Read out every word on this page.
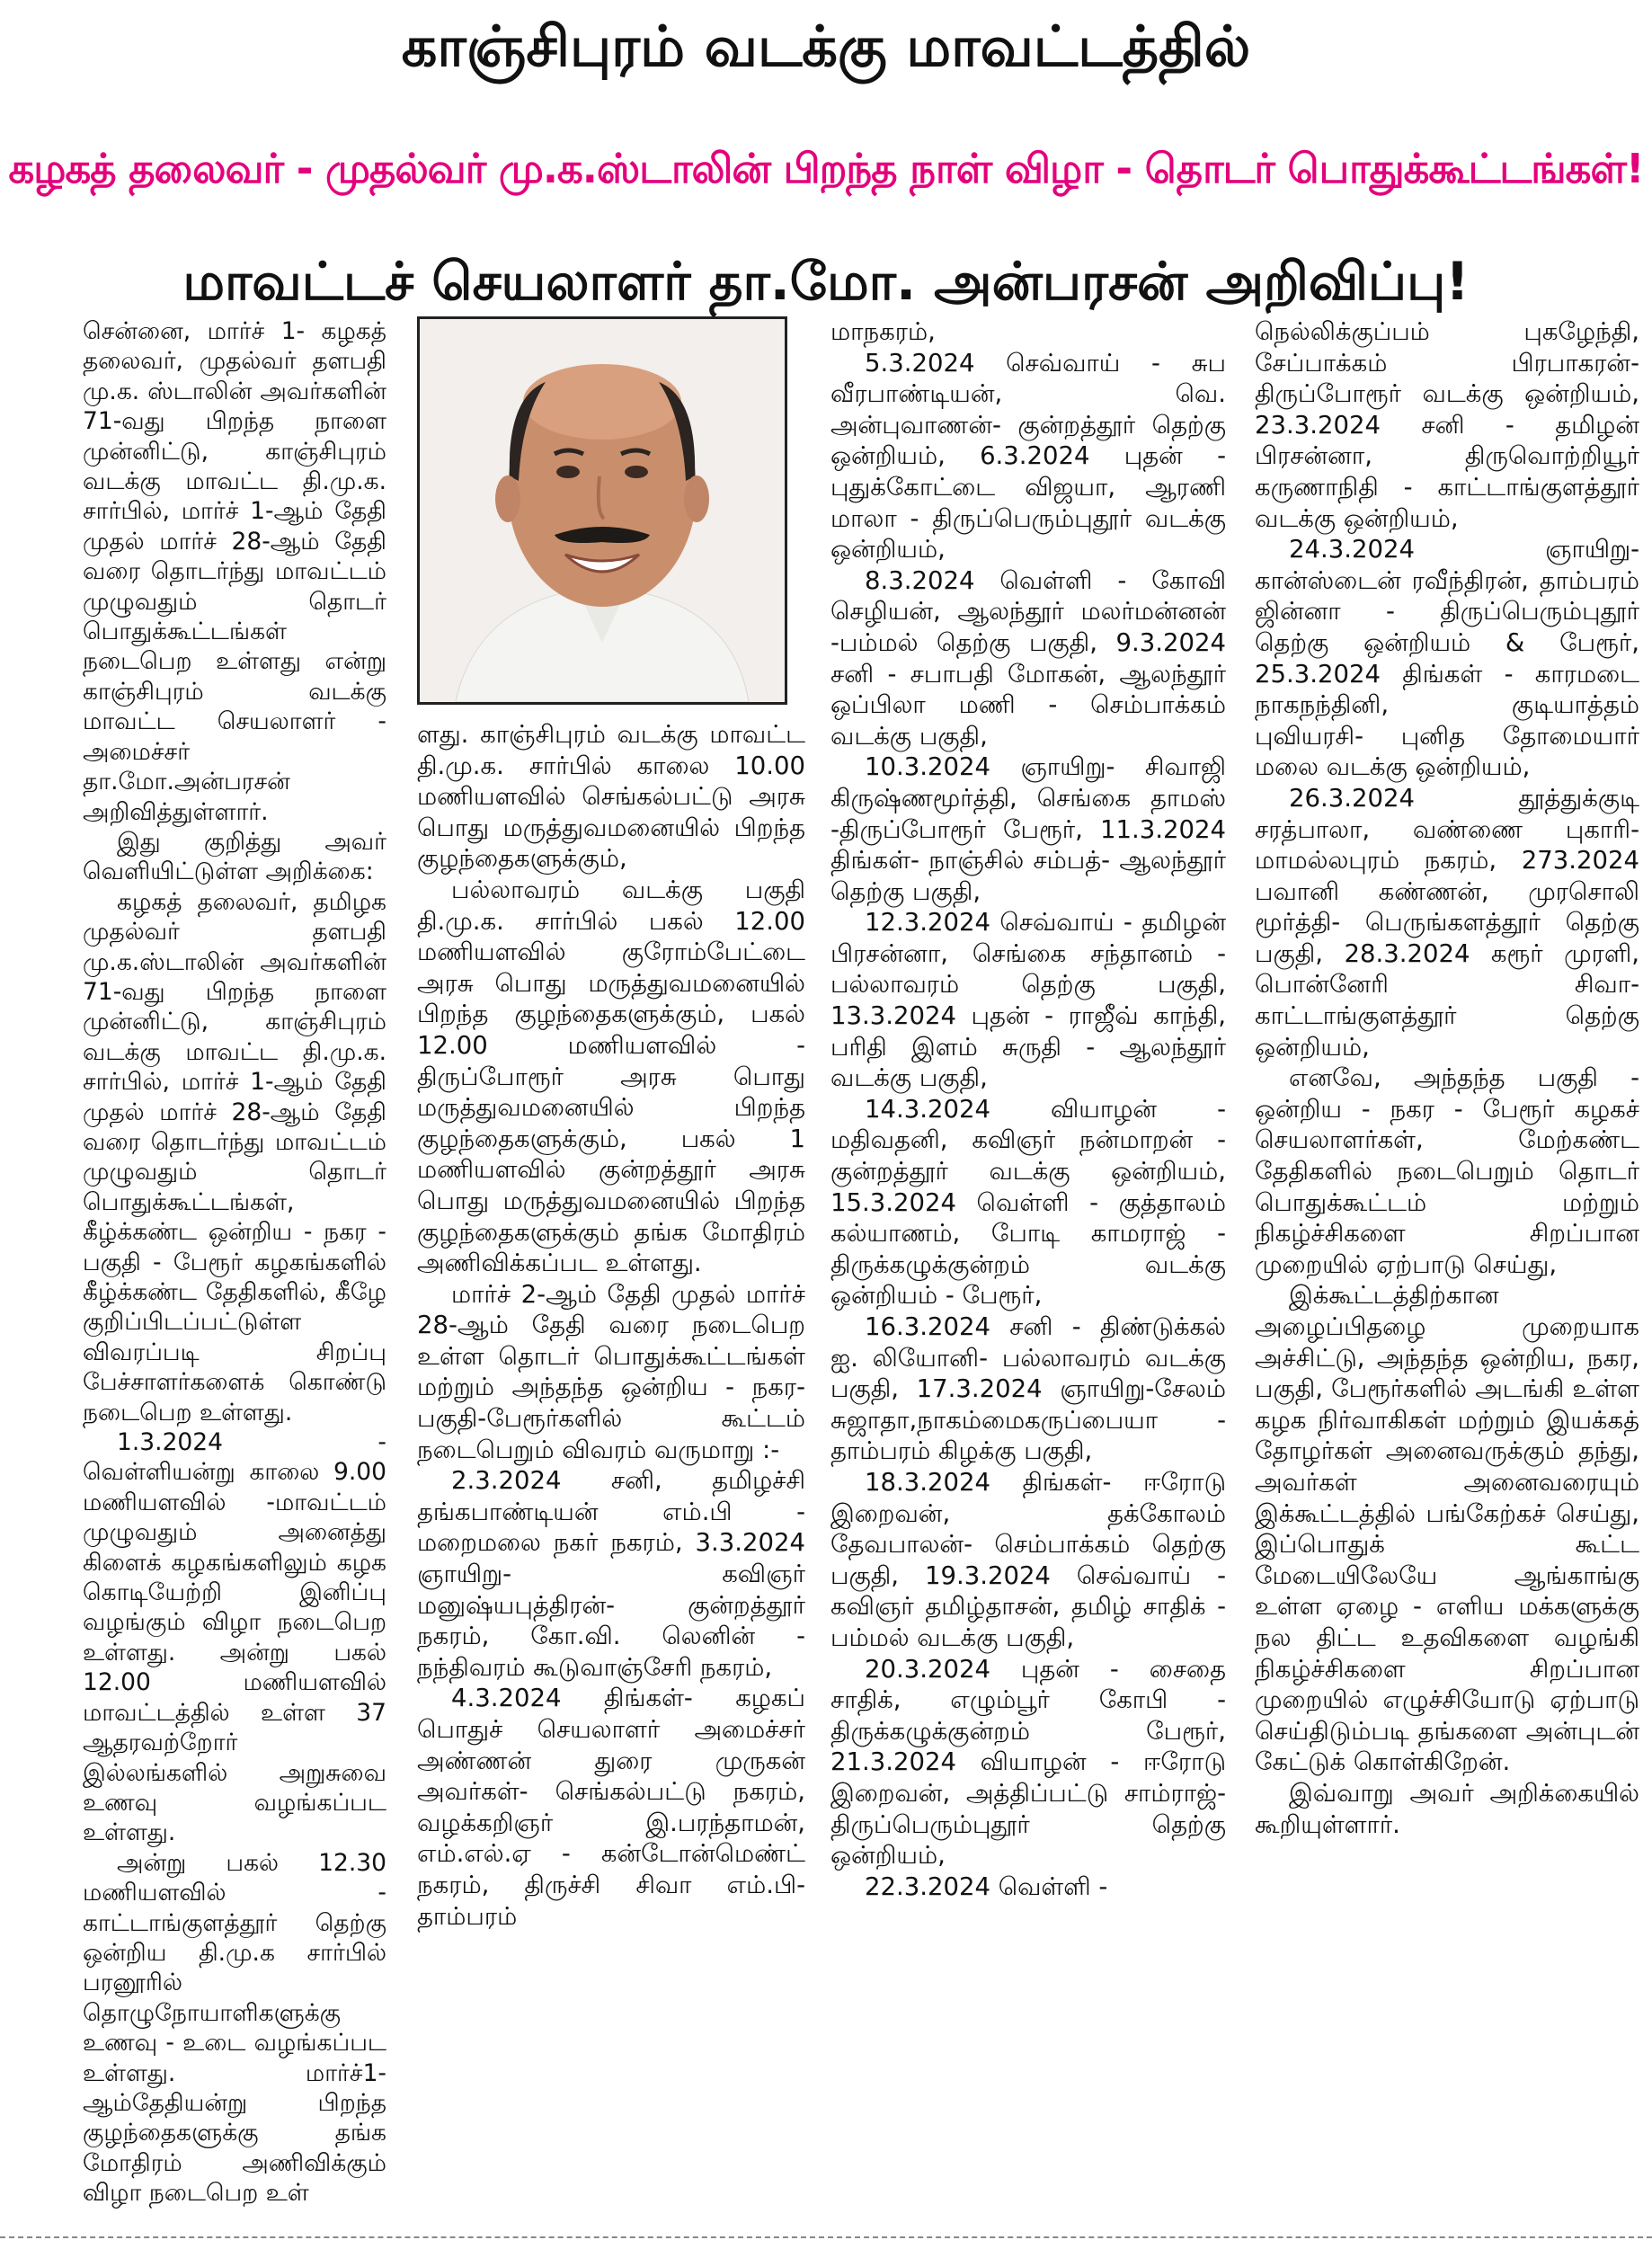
காஞ்சிபுரம் வடக்கு மாவட்டத்தில்
கழகத் தலைவர் - முதல்வர் மு.க.ஸ்டாலின் பிறந்த நாள் விழா - தொடர் பொதுக்கூட்டங்கள்!
மாவட்டச் செயலாளர் தா.மோ. அன்பரசன் அறிவிப்பு!

சென்னை, மார்ச் 1- கழகத் தலைவர், முதல்வர் தளபதி மு.க. ஸ்டாலின் அவர்களின் 71-வது பிறந்த நாளை முன்னிட்டு, காஞ்சிபுரம் வடக்கு மாவட்ட தி.மு.க. சார்பில், மார்ச் 1-ஆம் தேதி முதல் மார்ச் 28-ஆம் தேதி வரை தொடர்ந்து மாவட்டம் முழுவதும் தொடர் பொதுக்கூட்டங்கள் நடைபெற உள்ளது என்று காஞ்சிபுரம் வடக்கு மாவட்ட செயலாளர் - அமைச்சர் தா.மோ.அன்பரசன் அறிவித்துள்ளார்.

இது குறித்து அவர் வெளியிட்டுள்ள அறிக்கை:

கழகத் தலைவர், தமிழக முதல்வர் தளபதி மு.க.ஸ்டாலின் அவர்களின் 71-வது பிறந்த நாளை முன்னிட்டு, காஞ்சிபுரம் வடக்கு மாவட்ட தி.மு.க. சார்பில், மார்ச் 1-ஆம் தேதி முதல் மார்ச் 28-ஆம் தேதி வரை தொடர்ந்து மாவட்டம் முழுவதும் தொடர் பொதுக்கூட்டங்கள், கீழ்க்கண்ட ஒன்றிய - நகர - பகுதி - பேரூர் கழகங்களில் கீழ்க்கண்ட தேதிகளில், கீழே குறிப்பிடப்பட்டுள்ள விவரப்படி சிறப்பு பேச்சாளர்களைக் கொண்டு நடைபெற உள்ளது.

1.3.2024 - வெள்ளியன்று காலை 9.00 மணியளவில் -மாவட்டம் முழுவதும் அனைத்து கிளைக் கழகங்களிலும் கழக கொடியேற்றி இனிப்பு வழங்கும் விழா நடைபெற உள்ளது. அன்று பகல் 12.00 மணியளவில் மாவட்டத்தில் உள்ள 37 ஆதரவற்றோர் இல்லங்களில் அறுசுவை உணவு வழங்கப்பட உள்ளது.

அன்று பகல் 12.30 மணியளவில் - காட்டாங்குளத்தூர் தெற்கு ஒன்றிய தி.மு.க சார்பில் பரனூரில் தொழுநோயாளிகளுக்கு உணவு - உடை வழங்கப்பட உள்ளது. மார்ச்1-ஆம்தேதியன்று பிறந்த குழந்தைகளுக்கு தங்க மோதிரம் அணிவிக்கும் விழா நடைபெற உள்

ளது. காஞ்சிபுரம் வடக்கு மாவட்ட தி.மு.க. சார்பில் காலை 10.00 மணியளவில் செங்கல்பட்டு அரசு பொது மருத்துவமனையில் பிறந்த குழந்தைகளுக்கும்,

பல்லாவரம் வடக்கு பகுதி தி.மு.க. சார்பில் பகல் 12.00 மணியளவில் குரோம்பேட்டை அரசு பொது மருத்துவமனையில் பிறந்த குழந்தைகளுக்கும், பகல் 12.00 மணியளவில் - திருப்போரூர் அரசு பொது மருத்துவமனையில் பிறந்த குழந்தைகளுக்கும், பகல் 1 மணியளவில் குன்றத்தூர் அரசு பொது மருத்துவமனையில் பிறந்த குழந்தைகளுக்கும் தங்க மோதிரம் அணிவிக்கப்பட உள்ளது.

மார்ச் 2-ஆம் தேதி முதல் மார்ச் 28-ஆம் தேதி வரை நடைபெற உள்ள தொடர் பொதுக்கூட்டங்கள் மற்றும் அந்தந்த ஒன்றிய - நகர-பகுதி-பேரூர்களில் கூட்டம் நடைபெறும் விவரம் வருமாறு :-

2.3.2024 சனி, தமிழச்சி தங்கபாண்டியன் எம்.பி - மறைமலை நகர் நகரம், 3.3.2024 ஞாயிறு- கவிஞர் மனுஷ்யபுத்திரன்- குன்றத்தூர் நகரம், கோ.வி. லெனின் - நந்திவரம் கூடுவாஞ்சேரி நகரம்,

4.3.2024 திங்கள்- கழகப் பொதுச் செயலாளர் அமைச்சர் அண்ணன் துரை முருகன் அவர்கள்- செங்கல்பட்டு நகரம், வழக்கறிஞர் இ.பரந்தாமன், எம்.எல்.ஏ - கன்டோன்மெண்ட் நகரம், திருச்சி சிவா எம்.பி- தாம்பரம்

மாநகரம்,

5.3.2024 செவ்வாய் - சுப வீரபாண்டியன், வெ. அன்புவாணன்- குன்றத்தூர் தெற்கு ஒன்றியம், 6.3.2024 புதன் - புதுக்கோட்டை விஜயா, ஆரணி மாலா - திருப்பெரும்புதூர் வடக்கு ஒன்றியம்,

8.3.2024 வெள்ளி - கோவி செழியன், ஆலந்தூர் மலர்மன்னன் -பம்மல் தெற்கு பகுதி, 9.3.2024 சனி - சபாபதி மோகன், ஆலந்தூர் ஒப்பிலா மணி - செம்பாக்கம் வடக்கு பகுதி,

10.3.2024 ஞாயிறு- சிவாஜி கிருஷ்ணமூர்த்தி, செங்கை தாமஸ் -திருப்போரூர் பேரூர், 11.3.2024 திங்கள்- நாஞ்சில் சம்பத்- ஆலந்தூர் தெற்கு பகுதி,

12.3.2024 செவ்வாய் - தமிழன் பிரசன்னா, செங்கை சந்தானம் - பல்லாவரம் தெற்கு பகுதி, 13.3.2024 புதன் - ராஜீவ் காந்தி, பரிதி இளம் சுருதி - ஆலந்தூர் வடக்கு பகுதி,

14.3.2024 வியாழன் - மதிவதனி, கவிஞர் நன்மாறன் - குன்றத்தூர் வடக்கு ஒன்றியம், 15.3.2024 வெள்ளி - குத்தாலம் கல்யாணம், போடி காமராஜ் - திருக்கழுக்குன்றம் வடக்கு ஒன்றியம் - பேரூர்,

16.3.2024 சனி - திண்டுக்கல் ஐ. லியோனி- பல்லாவரம் வடக்கு பகுதி, 17.3.2024 ஞாயிறு-சேலம் சுஜாதா,நாகம்மைகருப்பையா - தாம்பரம் கிழக்கு பகுதி,

18.3.2024 திங்கள்- ஈரோடு இறைவன், தக்கோலம் தேவபாலன்- செம்பாக்கம் தெற்கு பகுதி, 19.3.2024 செவ்வாய் - கவிஞர் தமிழ்தாசன், தமிழ் சாதிக் - பம்மல் வடக்கு பகுதி,

20.3.2024 புதன் - சைதை சாதிக், எழும்பூர் கோபி - திருக்கழுக்குன்றம் பேரூர், 21.3.2024 வியாழன் - ஈரோடு இறைவன், அத்திப்பட்டு சாம்ராஜ்- திருப்பெரும்புதூர் தெற்கு ஒன்றியம்,

22.3.2024 வெள்ளி -

நெல்லிக்குப்பம் புகழேந்தி, சேப்பாக்கம் பிரபாகரன்- திருப்போரூர் வடக்கு ஒன்றியம், 23.3.2024 சனி - தமிழன் பிரசன்னா, திருவொற்றியூர் கருணாநிதி - காட்டாங்குளத்தூர் வடக்கு ஒன்றியம்,

24.3.2024 ஞாயிறு- கான்ஸ்டைன் ரவீந்திரன், தாம்பரம் ஜின்னா - திருப்பெரும்புதூர் தெற்கு ஒன்றியம் & பேரூர், 25.3.2024 திங்கள் - காரமடை நாகநந்தினி, குடியாத்தம் புவியரசி- புனித தோமையார் மலை வடக்கு ஒன்றியம்,

26.3.2024 தூத்துக்குடி சரத்பாலா, வண்ணை புகாரி- மாமல்லபுரம் நகரம், 273.2024 பவானி கண்ணன், முரசொலி மூர்த்தி- பெருங்களத்தூர் தெற்கு பகுதி, 28.3.2024 கரூர் முரளி, பொன்னேரி சிவா- காட்டாங்குளத்தூர் தெற்கு ஒன்றியம்,

எனவே, அந்தந்த பகுதி - ஒன்றிய - நகர - பேரூர் கழகச் செயலாளர்கள், மேற்கண்ட தேதிகளில் நடைபெறும் தொடர் பொதுக்கூட்டம் மற்றும் நிகழ்ச்சிகளை சிறப்பான முறையில் ஏற்பாடு செய்து,

இக்கூட்டத்திற்கான அழைப்பிதழை முறையாக அச்சிட்டு, அந்தந்த ஒன்றிய, நகர, பகுதி, பேரூர்களில் அடங்கி உள்ள கழக நிர்வாகிகள் மற்றும் இயக்கத் தோழர்கள் அனைவருக்கும் தந்து, அவர்கள் அனைவரையும் இக்கூட்டத்தில் பங்கேற்கச் செய்து, இப்பொதுக் கூட்ட மேடையிலேயே ஆங்காங்கு உள்ள ஏழை - எளிய மக்களுக்கு நல திட்ட உதவிகளை வழங்கி நிகழ்ச்சிகளை சிறப்பான முறையில் எழுச்சியோடு ஏற்பாடு செய்திடும்படி தங்களை அன்புடன் கேட்டுக் கொள்கிறேன்.

இவ்வாறு அவர் அறிக்கையில் கூறியுள்ளார்.
